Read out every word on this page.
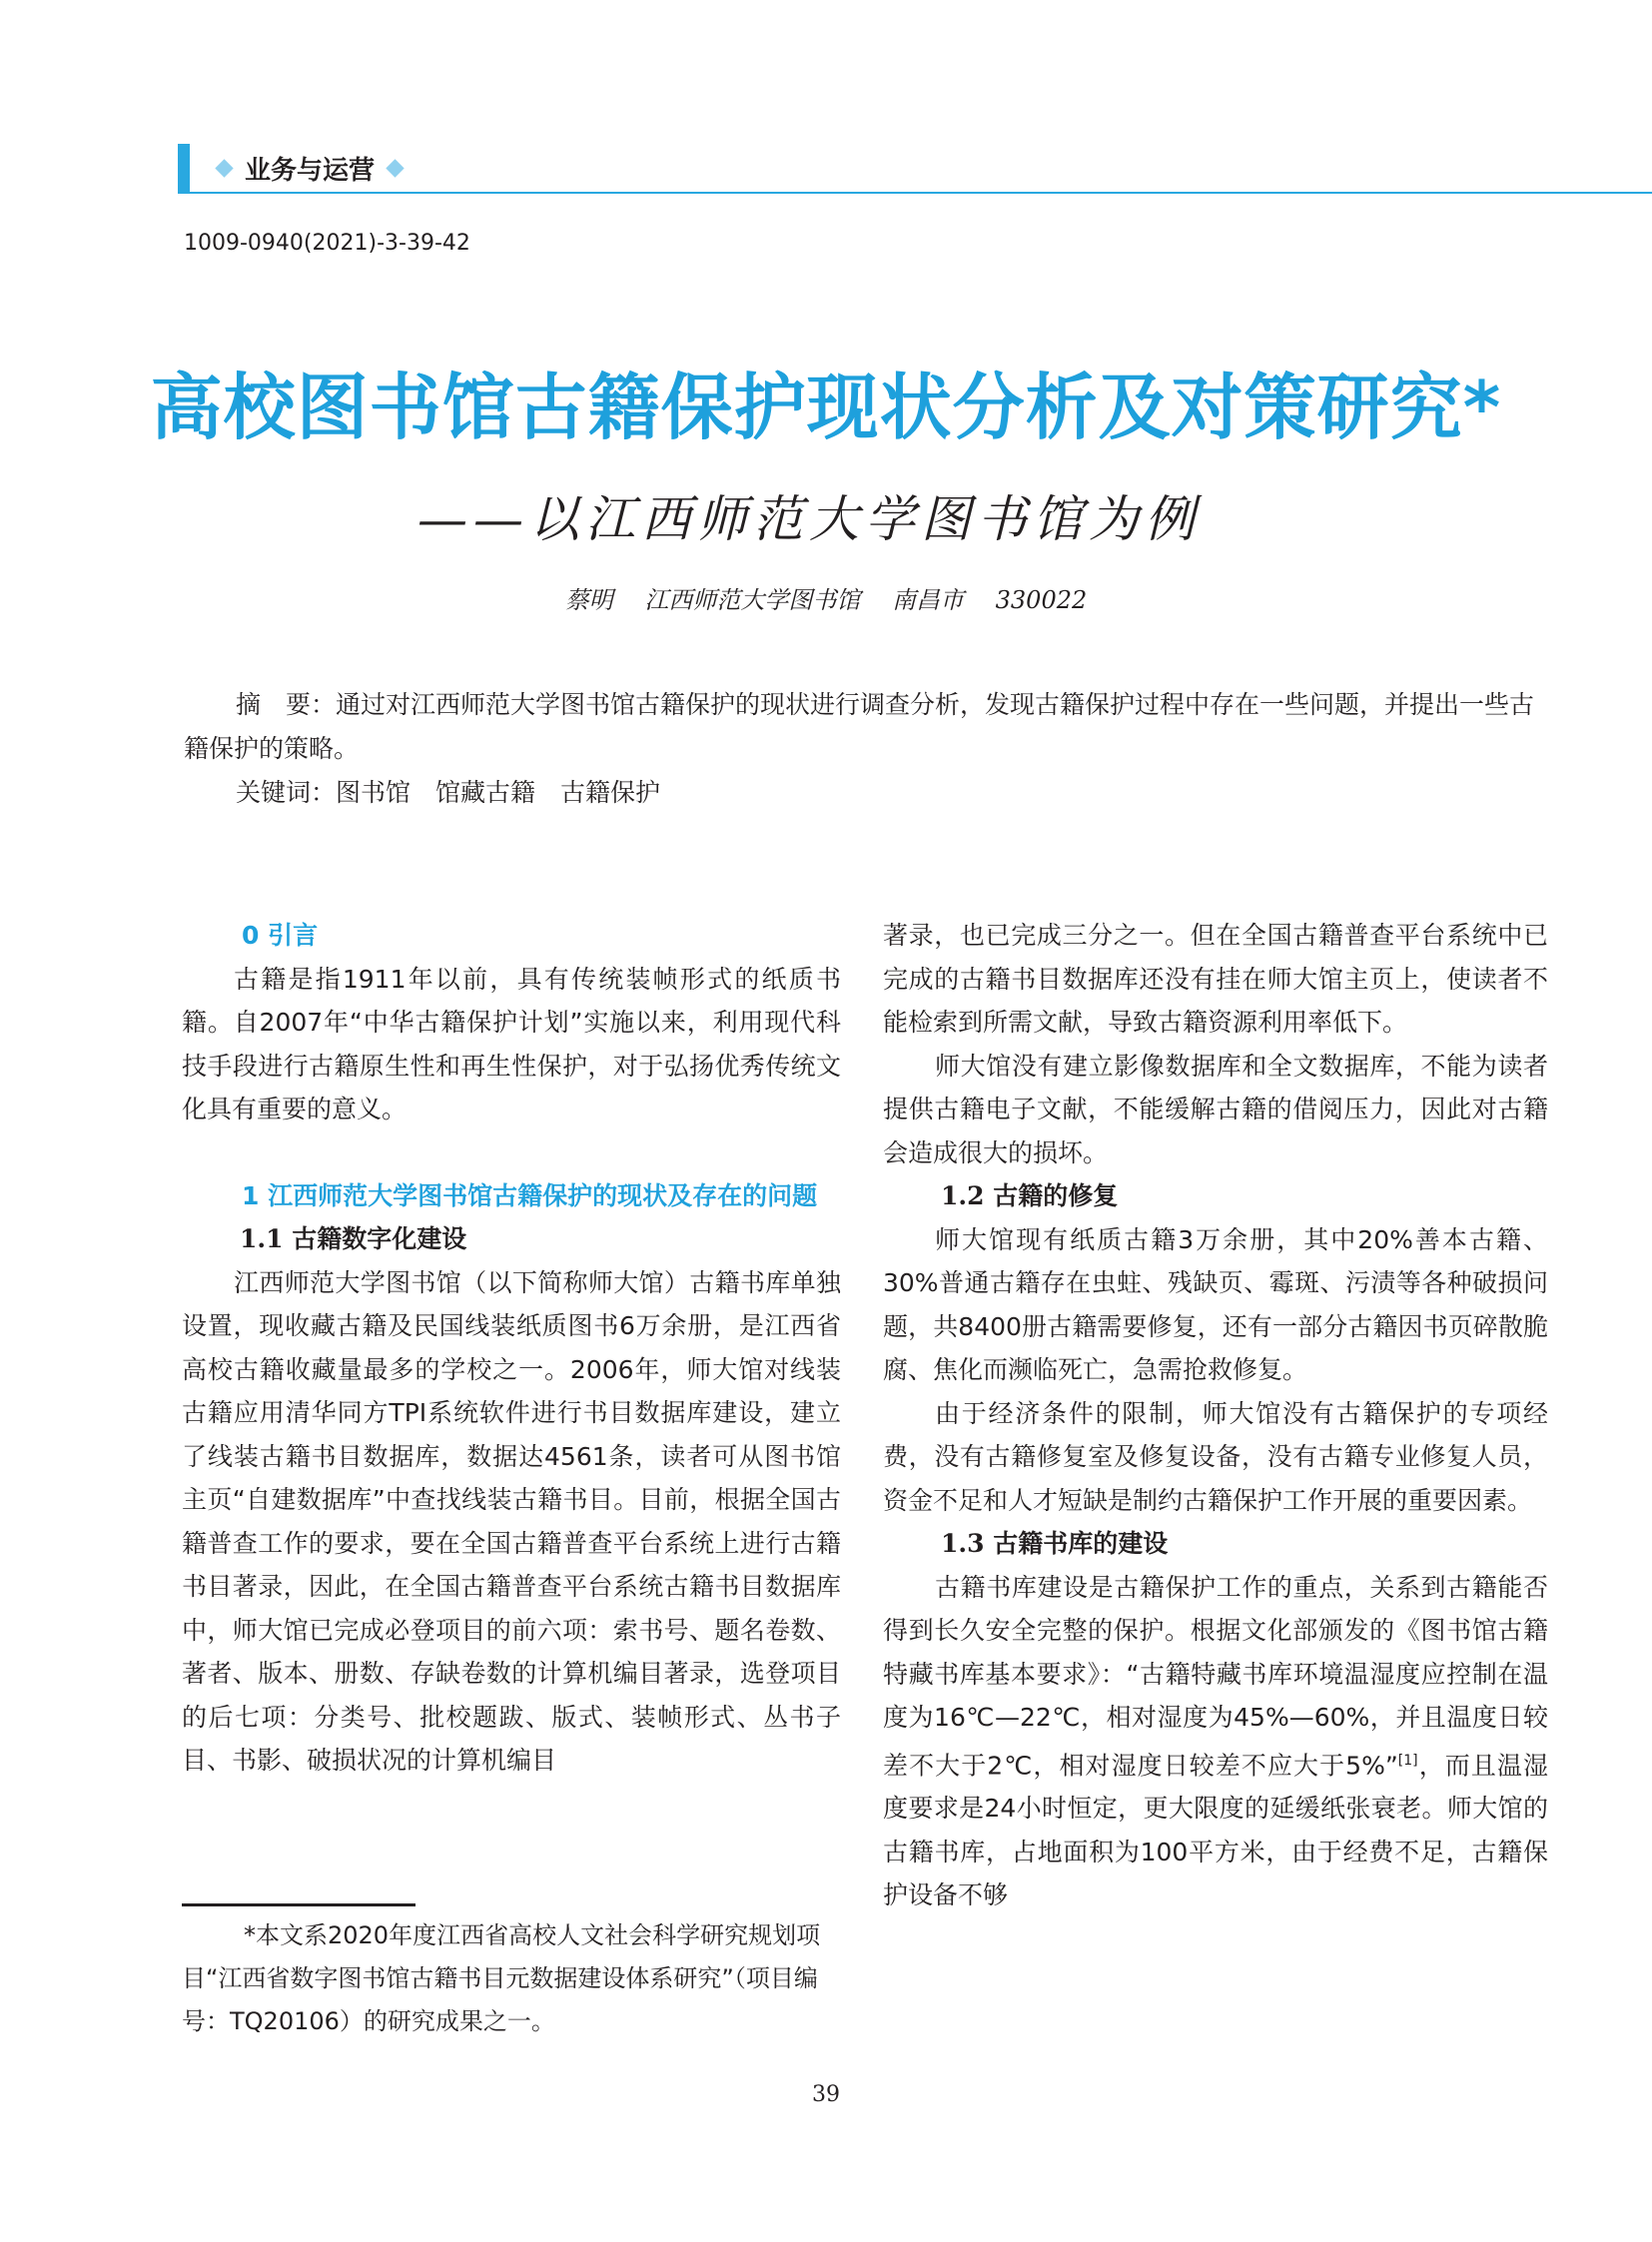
业务与运营
1009-0940(2021)-3-39-42
高校图书馆古籍保护现状分析及对策研究*
——以江西师范大学图书馆为例
蔡明 江西师范大学图书馆 南昌市 330022

摘　要：通过对江西师范大学图书馆古籍保护的现状进行调查分析，发现古籍保护过程中存在一些问题，并提出一些古籍保护的策略。

关键词：图书馆　馆藏古籍　古籍保护

0 引言

古籍是指1911年以前，具有传统装帧形式的纸质书籍。自2007年“中华古籍保护计划”实施以来，利用现代科技手段进行古籍原生性和再生性保护，对于弘扬优秀传统文化具有重要的意义。

1 江西师范大学图书馆古籍保护的现状及存在的问题

1.1 古籍数字化建设

江西师范大学图书馆（以下简称师大馆）古籍书库单独设置，现收藏古籍及民国线装纸质图书6万余册，是江西省高校古籍收藏量最多的学校之一。2006年，师大馆对线装古籍应用清华同方TPI系统软件进行书目数据库建设，建立了线装古籍书目数据库，数据达4561条，读者可从图书馆主页“自建数据库”中查找线装古籍书目。目前，根据全国古籍普查工作的要求，要在全国古籍普查平台系统上进行古籍书目著录，因此，在全国古籍普查平台系统古籍书目数据库中，师大馆已完成必登项目的前六项：索书号、题名卷数、著者、版本、册数、存缺卷数的计算机编目著录，选登项目的后七项：分类号、批校题跋、版式、装帧形式、丛书子目、书影、破损状况的计算机编目

*本文系2020年度江西省高校人文社会科学研究规划项目“江西省数字图书馆古籍书目元数据建设体系研究”（项目编号：TQ20106）的研究成果之一。

著录，也已完成三分之一。但在全国古籍普查平台系统中已完成的古籍书目数据库还没有挂在师大馆主页上，使读者不能检索到所需文献，导致古籍资源利用率低下。

师大馆没有建立影像数据库和全文数据库，不能为读者提供古籍电子文献，不能缓解古籍的借阅压力，因此对古籍会造成很大的损坏。

1.2 古籍的修复

师大馆现有纸质古籍3万余册，其中20%善本古籍、30%普通古籍存在虫蛀、残缺页、霉斑、污渍等各种破损问题，共8400册古籍需要修复，还有一部分古籍因书页碎散脆腐、焦化而濒临死亡，急需抢救修复。

由于经济条件的限制，师大馆没有古籍保护的专项经费，没有古籍修复室及修复设备，没有古籍专业修复人员，资金不足和人才短缺是制约古籍保护工作开展的重要因素。

1.3 古籍书库的建设

古籍书库建设是古籍保护工作的重点，关系到古籍能否得到长久安全完整的保护。根据文化部颁发的《图书馆古籍特藏书库基本要求》：“古籍特藏书库环境温湿度应控制在温度为16℃—22℃，相对湿度为45%—60%，并且温度日较差不大于2℃，相对湿度日较差不应大于5%”[1]，而且温湿度要求是24小时恒定，更大限度的延缓纸张衰老。师大馆的古籍书库，占地面积为100平方米，由于经费不足，古籍保护设备不够

39
